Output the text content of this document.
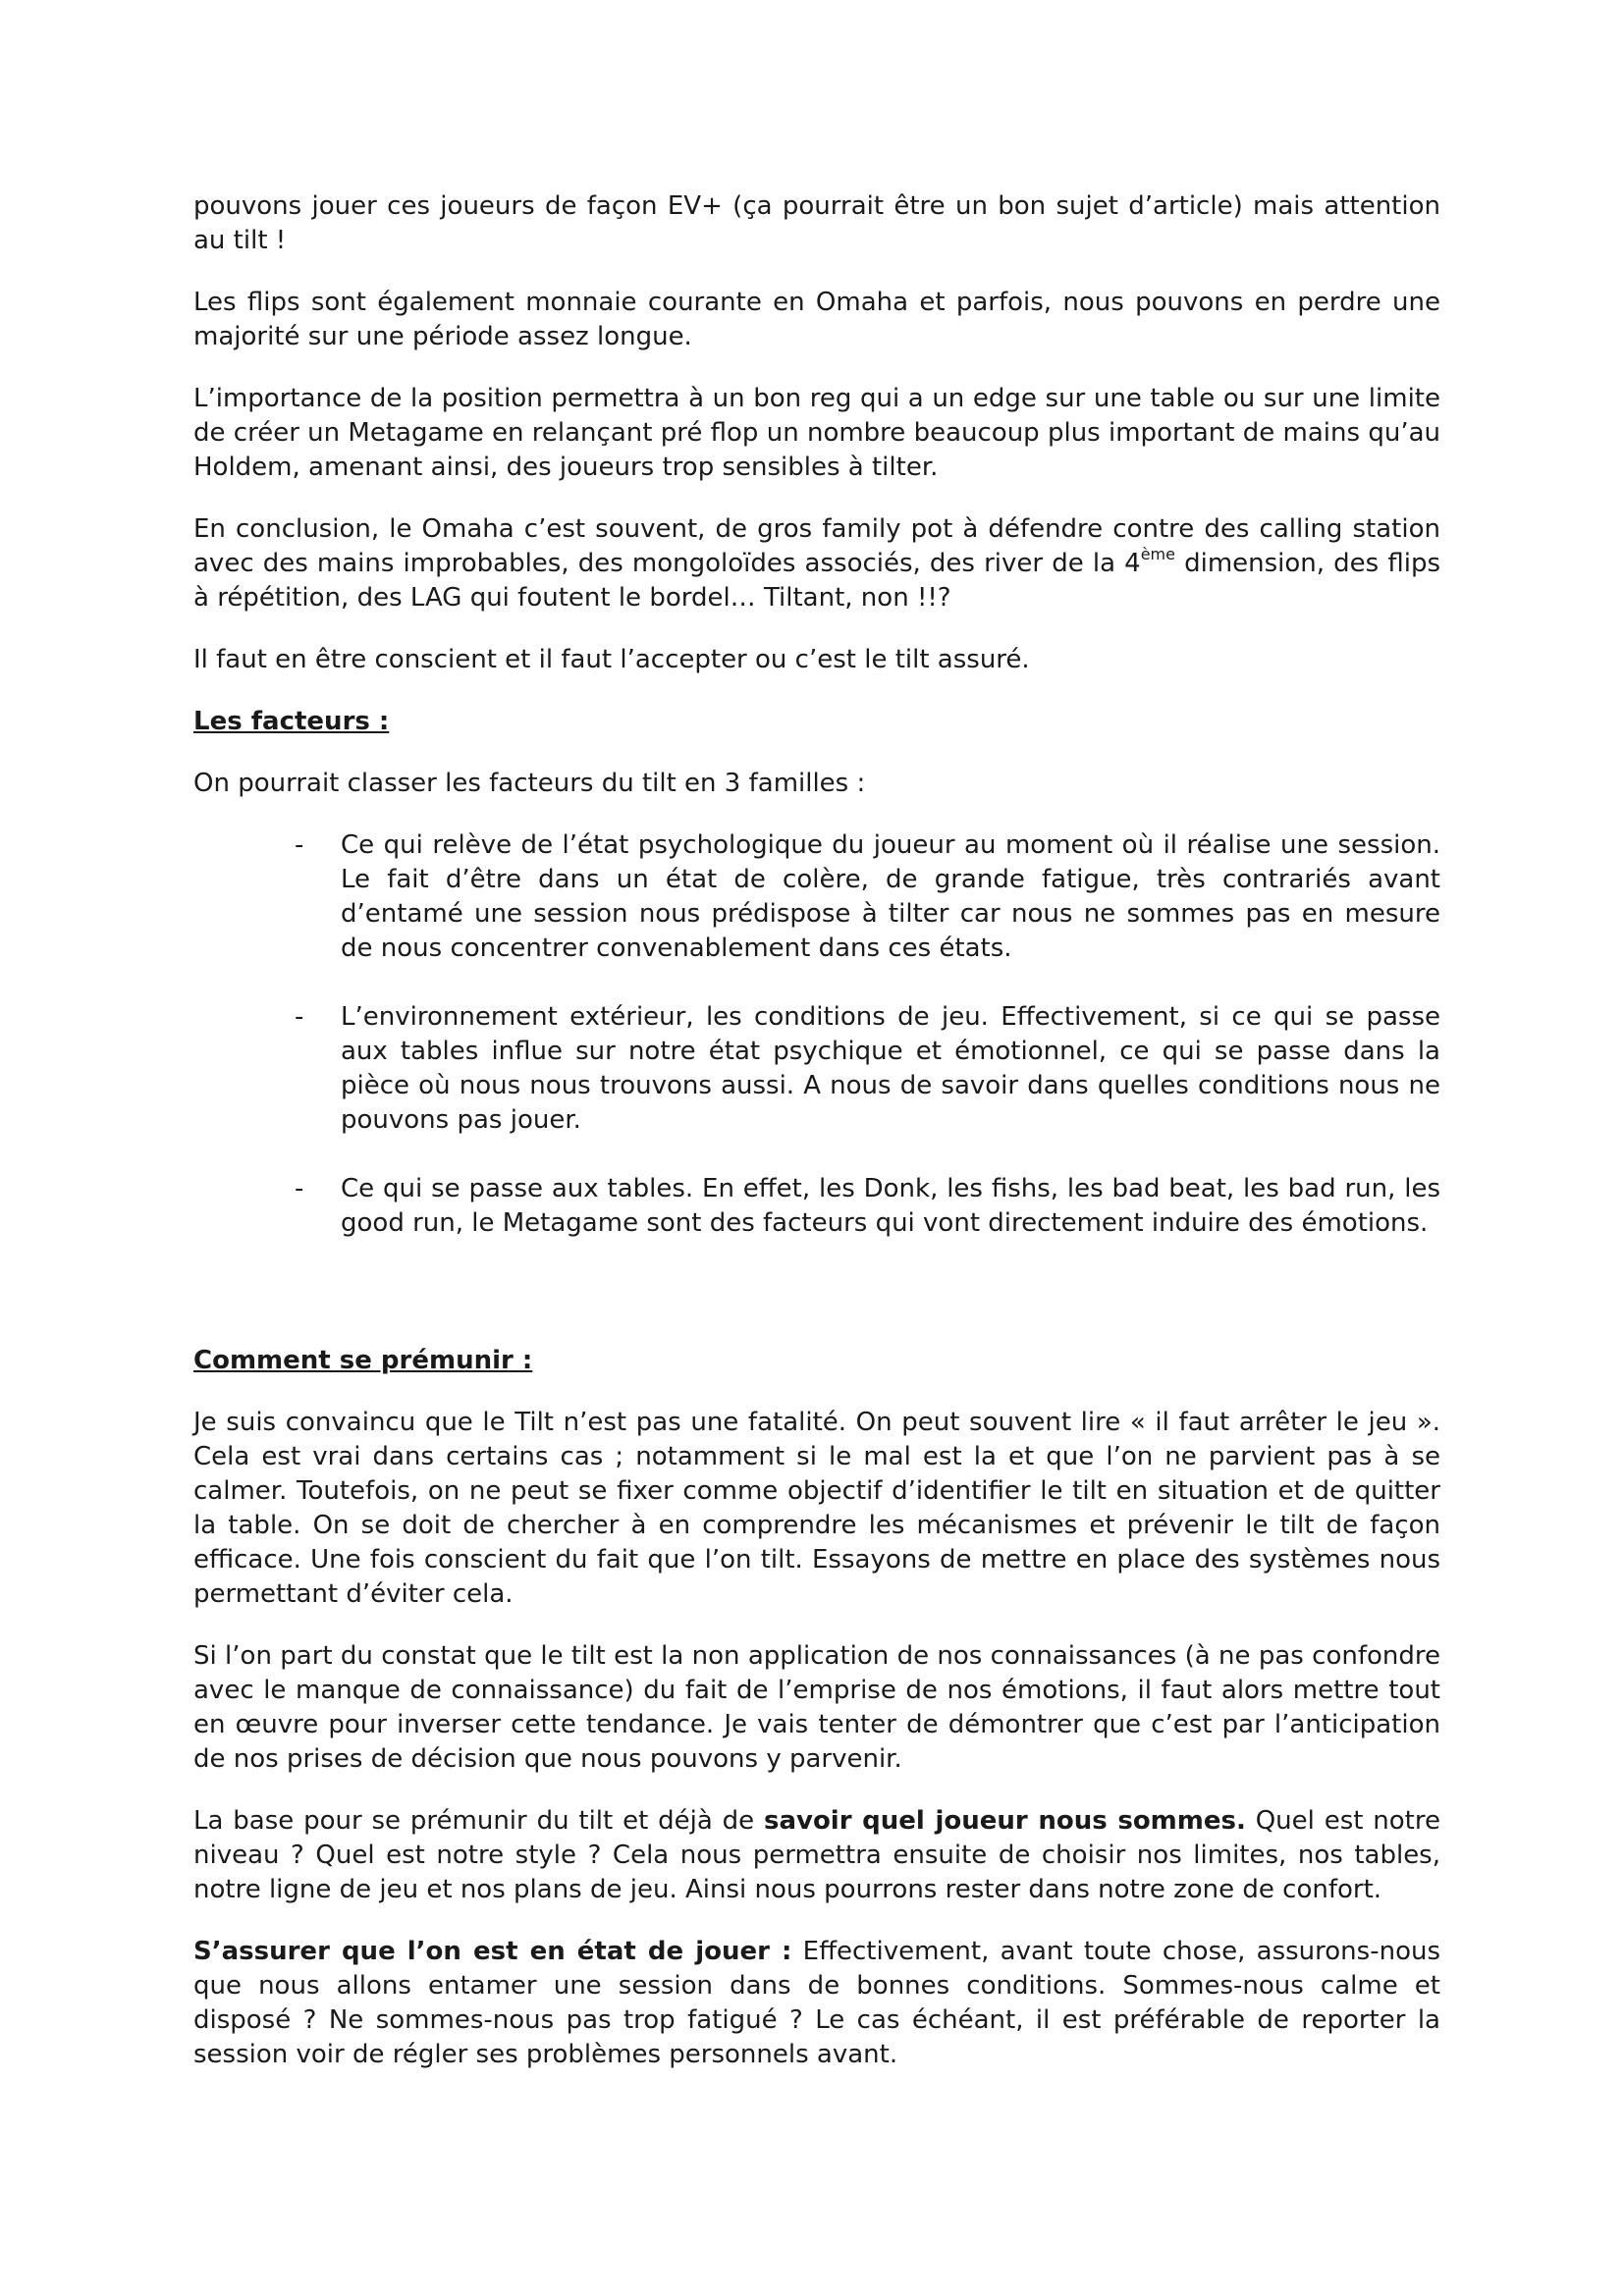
pouvons jouer ces joueurs de façon EV+ (ça pourrait être un bon sujet d’article) mais attention au tilt !

Les flips sont également monnaie courante en Omaha et parfois, nous pouvons en perdre une majorité sur une période assez longue.

L’importance de la position permettra à un bon reg qui a un edge sur une table ou sur une limite de créer un Metagame en relançant pré flop un nombre beaucoup plus important de mains qu’au Holdem, amenant ainsi, des joueurs trop sensibles à tilter.

En conclusion, le Omaha c’est souvent, de gros family pot à défendre contre des calling station avec des mains improbables, des mongoloïdes associés, des river de la 4ème dimension, des flips à répétition, des LAG qui foutent le bordel… Tiltant, non !!?

Il faut en être conscient et il faut l’accepter ou c’est le tilt assuré.

Les facteurs :

On pourrait classer les facteurs du tilt en 3 familles :

- Ce qui relève de l’état psychologique du joueur au moment où il réalise une session. Le fait d’être dans un état de colère, de grande fatigue, très contrariés avant d’entamé une session nous prédispose à tilter car nous ne sommes pas en mesure de nous concentrer convenablement dans ces états.
- L’environnement extérieur, les conditions de jeu. Effectivement, si ce qui se passe aux tables influe sur notre état psychique et émotionnel, ce qui se passe dans la pièce où nous nous trouvons aussi. A nous de savoir dans quelles conditions nous ne pouvons pas jouer.
- Ce qui se passe aux tables. En effet, les Donk, les fishs, les bad beat, les bad run, les good run, le Metagame sont des facteurs qui vont directement induire des émotions.
Comment se prémunir :

Je suis convaincu que le Tilt n’est pas une fatalité. On peut souvent lire « il faut arrêter le jeu ». Cela est vrai dans certains cas ; notamment si le mal est la et que l’on ne parvient pas à se calmer. Toutefois, on ne peut se fixer comme objectif d’identifier le tilt en situation et de quitter la table. On se doit de chercher à en comprendre les mécanismes et prévenir le tilt de façon efficace. Une fois conscient du fait que l’on tilt. Essayons de mettre en place des systèmes nous permettant d’éviter cela.

Si l’on part du constat que le tilt est la non application de nos connaissances (à ne pas confondre avec le manque de connaissance) du fait de l’emprise de nos émotions, il faut alors mettre tout en œuvre pour inverser cette tendance. Je vais tenter de démontrer que c’est par l’anticipation de nos prises de décision que nous pouvons y parvenir.

La base pour se prémunir du tilt et déjà de savoir quel joueur nous sommes. Quel est notre niveau ? Quel est notre style ? Cela nous permettra ensuite de choisir nos limites, nos tables, notre ligne de jeu et nos plans de jeu. Ainsi nous pourrons rester dans notre zone de confort.

S’assurer que l’on est en état de jouer : Effectivement, avant toute chose, assurons-nous que nous allons entamer une session dans de bonnes conditions. Sommes-nous calme et disposé ? Ne sommes-nous pas trop fatigué ? Le cas échéant, il est préférable de reporter la session voir de régler ses problèmes personnels avant.
